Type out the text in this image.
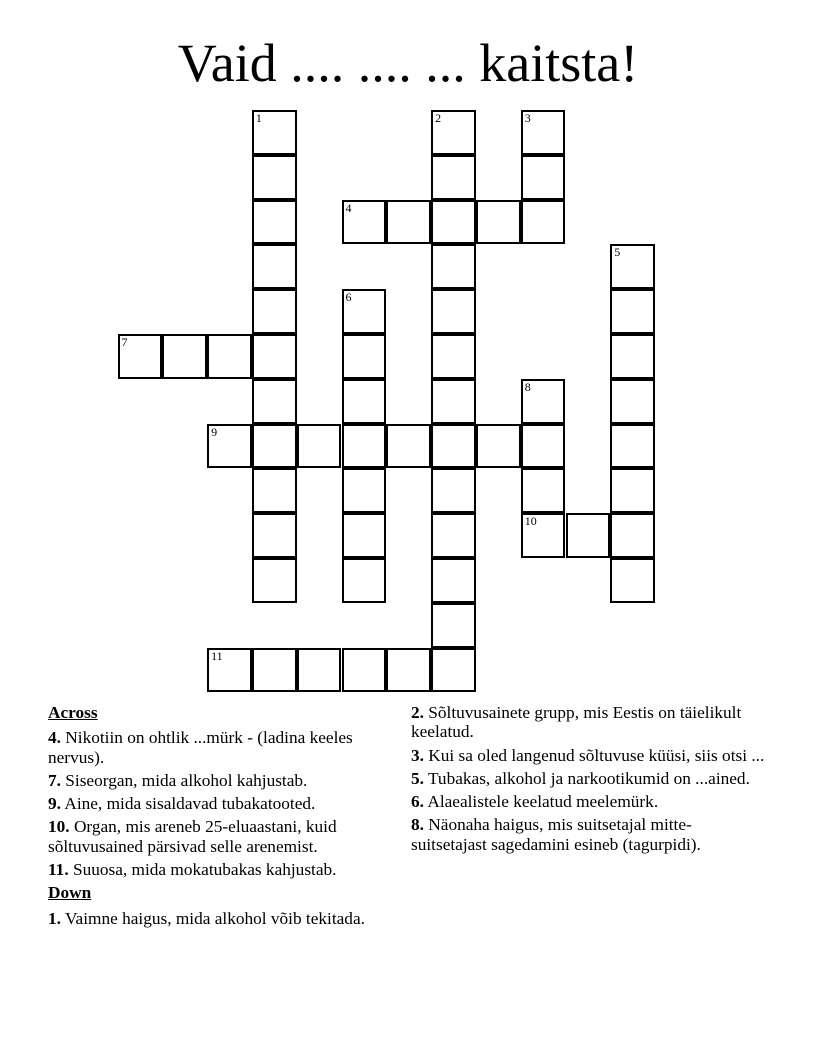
Vaid .... .... ... kaitsta!
1	2	3
4
5
6
7
8
9
10
11
Across
4. Nikotiin on ohtlik ...mürk - (ladina keeles nervus).
7. Siseorgan, mida alkohol kahjustab.
9. Aine, mida sisaldavad tubakatooted.
10. Organ, mis areneb 25-eluaastani, kuid sõltuvusained pärsivad selle arenemist.
11. Suuosa, mida mokatubakas kahjustab.
Down
1. Vaimne haigus, mida alkohol võib tekitada.
2. Sõltuvusainete grupp, mis Eestis on täielikult keelatud.
3. Kui sa oled langenud sõltuvuse küüsi, siis otsi ...
5. Tubakas, alkohol ja narkootikumid on ...ained.
6. Alaealistele keelatud meelemürk.
8. Näonaha haigus, mis suitsetajal mitte-suitsetajast sagedamini esineb (tagurpidi).
